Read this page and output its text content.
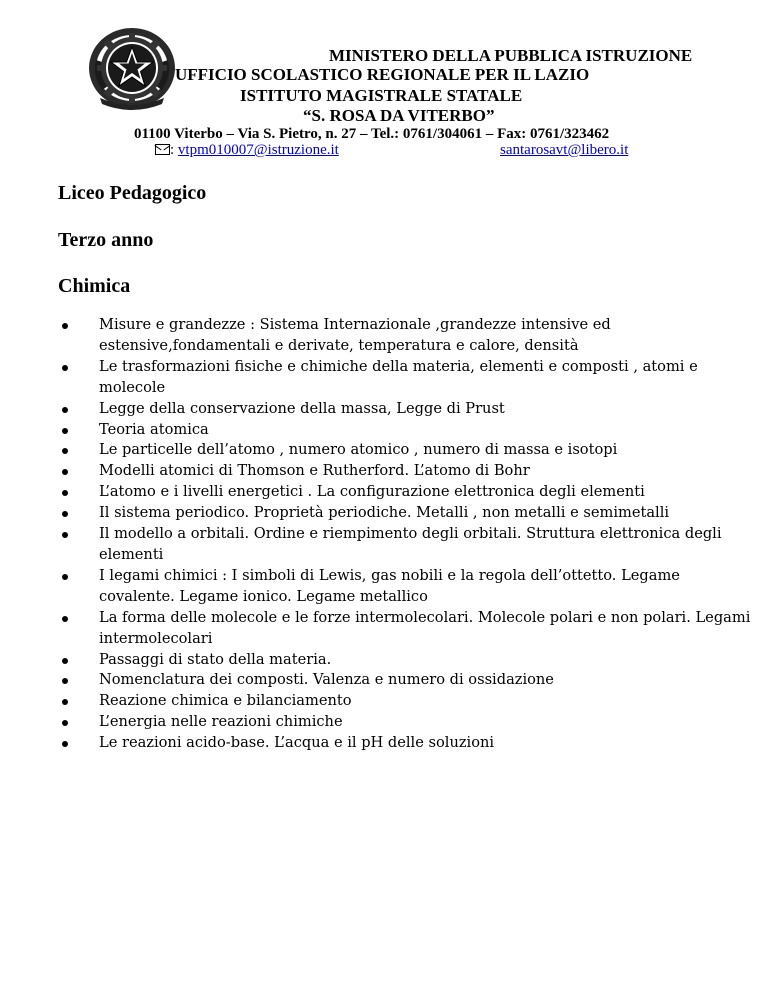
MINISTERO DELLA PUBBLICA ISTRUZIONE
UFFICIO SCOLASTICO REGIONALE PER IL LAZIO
ISTITUTO MAGISTRALE STATALE
“S. ROSA DA VITERBO”
01100 Viterbo – Via S. Pietro, n. 27 – Tel.: 0761/304061 – Fax: 0761/323462
: vtpm010007@istruzione.it	santarosavt@libero.it
Liceo Pedagogico
Terzo anno
Chimica
Misure e grandezze : Sistema Internazionale ,grandezze intensive ed estensive,fondamentali e derivate, temperatura e calore, densità
Le trasformazioni fisiche e chimiche della materia, elementi e composti , atomi e molecole
Legge della conservazione della massa, Legge di Prust
Teoria atomica
Le particelle dell’atomo , numero atomico , numero di massa e isotopi
Modelli atomici di Thomson e Rutherford. L’atomo di Bohr
L’atomo e i livelli energetici . La configurazione elettronica degli elementi
Il sistema periodico. Proprietà periodiche. Metalli , non metalli e semimetalli
Il modello a orbitali. Ordine e riempimento degli orbitali. Struttura elettronica degli elementi
I legami chimici : I simboli di Lewis, gas nobili e la regola dell’ottetto. Legame covalente. Legame ionico. Legame metallico
La forma delle molecole e le forze intermolecolari. Molecole polari e non polari. Legami intermolecolari
Passaggi di stato della materia.
Nomenclatura dei composti. Valenza e numero di ossidazione
Reazione chimica e bilanciamento
L’energia nelle reazioni chimiche
Le reazioni acido-base. L’acqua e il pH delle soluzioni
